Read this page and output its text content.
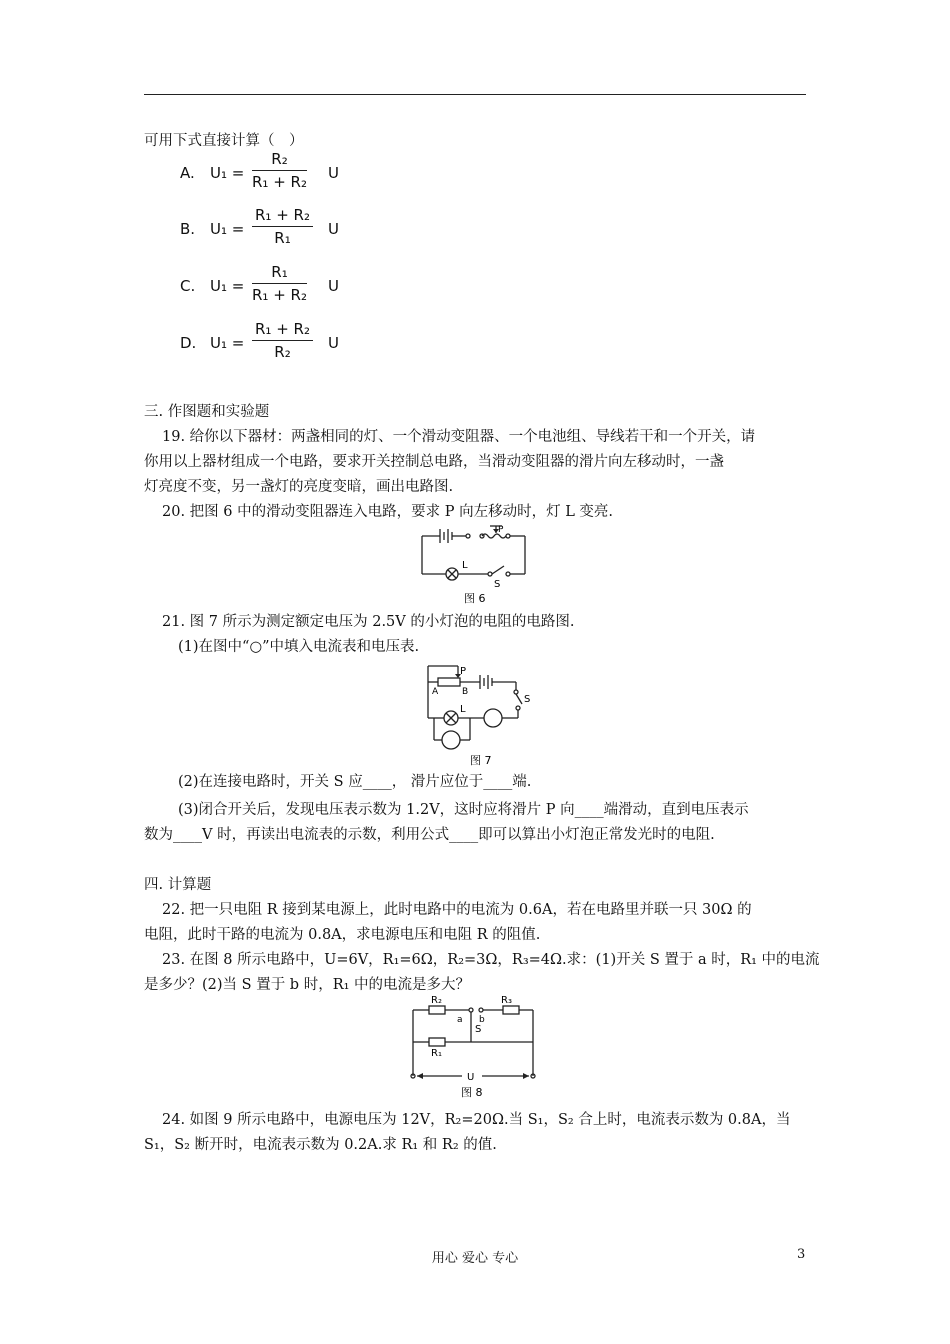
可用下式直接计算（　）
A. U₁ =
R₂
R₁ + R₂ U
B. U₁ =
R₁ + R₂
R₁	U
C. U₁ =
R₁
R₁ + R₂ U
D. U₁ =
R₁ + R₂
R₂	U
三. 作图题和实验题
19. 给你以下器材：两盏相同的灯、一个滑动变阻器、一个电池组、导线若干和一个开关，请
你用以上器材组成一个电路，要求开关控制总电路，当滑动变阻器的滑片向左移动时，一盏
灯亮度不变，另一盏灯的亮度变暗，画出电路图.
20. 把图 6 中的滑动变阻器连入电路，要求 P 向左移动时，灯 L 变亮.
P
L
S
图 6
21. 图 7 所示为测定额定电压为 2.5V 的小灯泡的电阻的电路图.
(1)在图中“○”中填入电流表和电压表.
P
A	B
L
S
图 7
(2)在连接电路时，开关 S 应____， 滑片应位于____端.
(3)闭合开关后，发现电压表示数为 1.2V，这时应将滑片 P 向____端滑动，直到电压表示
数为____V 时，再读出电流表的示数，利用公式____即可以算出小灯泡正常发光时的电阻.
四. 计算题
22. 把一只电阻 R 接到某电源上，此时电路中的电流为 0.6A，若在电路里并联一只 30Ω 的
电阻，此时干路的电流为 0.8A，求电源电压和电阻 R 的阻值.
23. 在图 8 所示电路中，U=6V，R₁=6Ω，R₂=3Ω，R₃=4Ω.求：(1)开关 S 置于 a 时，R₁ 中的电流
是多少？(2)当 S 置于 b 时，R₁ 中的电流是多大？
R₂	R₃
a b
S
R₁
U
图 8
24. 如图 9 所示电路中，电源电压为 12V，R₂=20Ω.当 S₁，S₂ 合上时，电流表示数为 0.8A，当
S₁，S₂ 断开时，电流表示数为 0.2A.求 R₁ 和 R₂ 的值.
用心 爱心 专心	3
